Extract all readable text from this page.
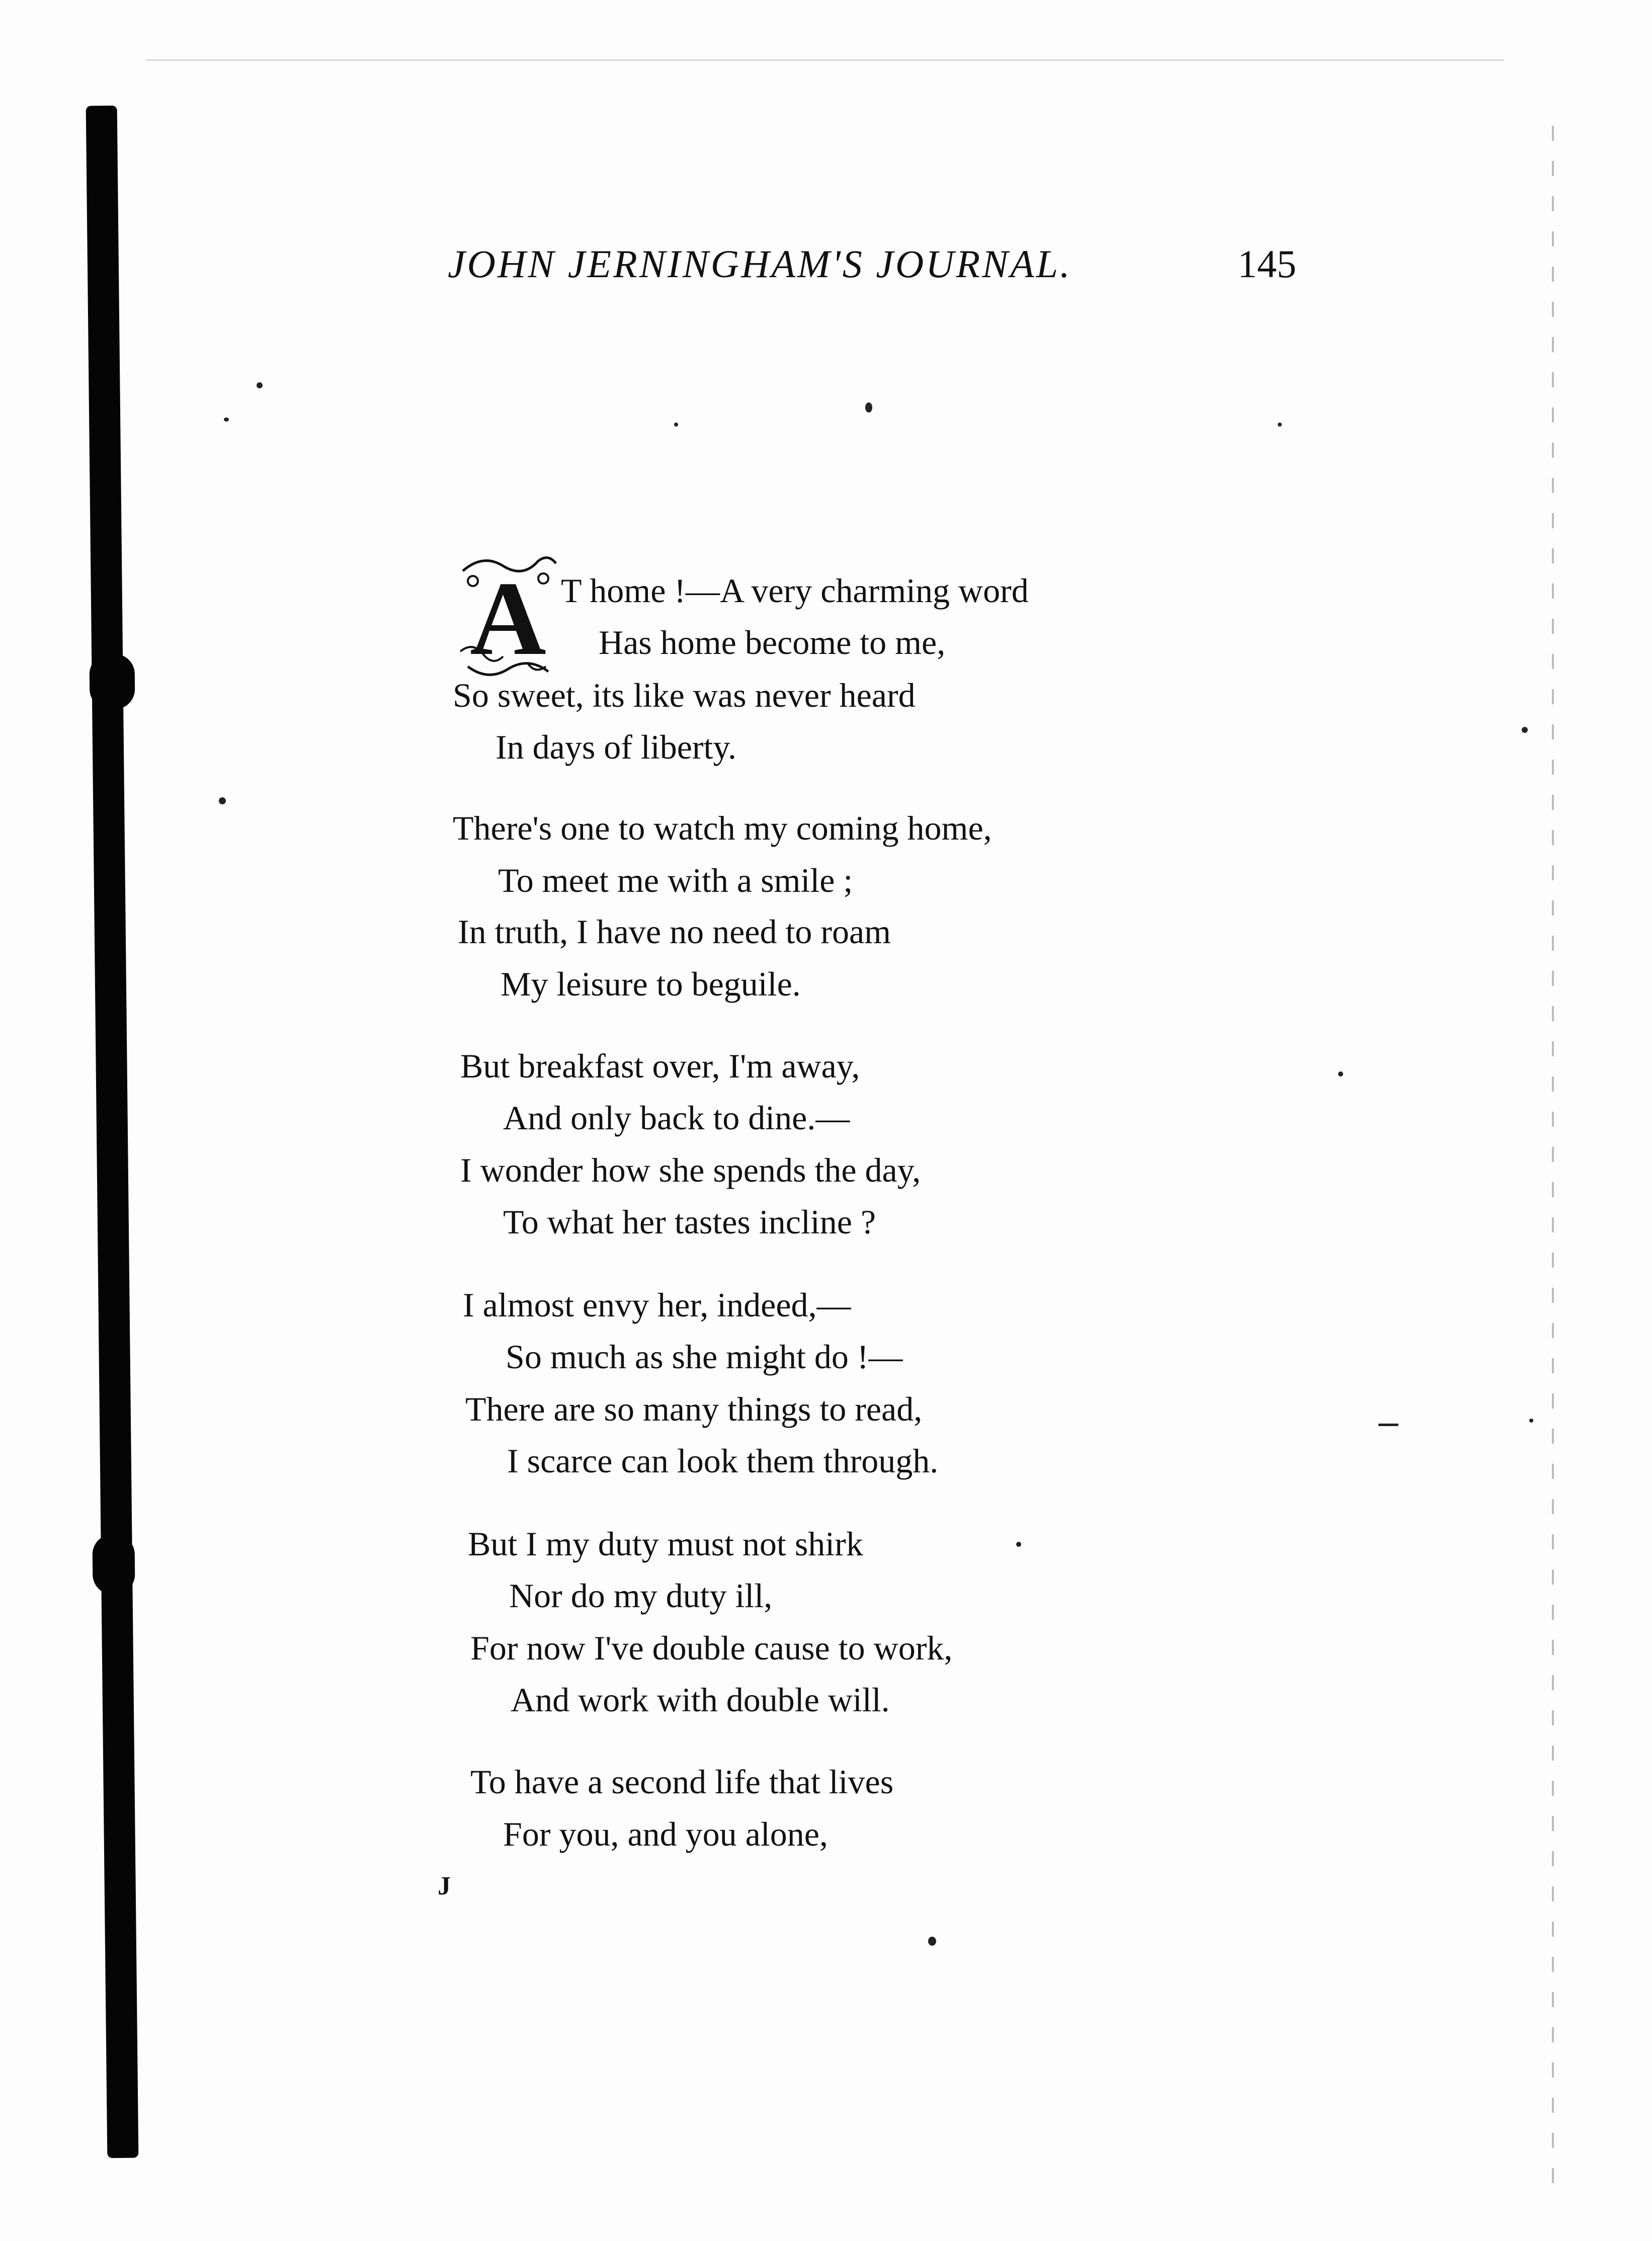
JOHN JERNINGHAM'S JOURNAL.	145
A T home !—A very charming word
Has home become to me,
So sweet, its like was never heard
In days of liberty.
There's one to watch my coming home,
To meet me with a smile ;
In truth, I have no need to roam
My leisure to beguile.
But breakfast over, I'm away,
And only back to dine.—
I wonder how she spends the day,
To what her tastes incline ?
I almost envy her, indeed,—
So much as she might do !—
There are so many things to read,
I scarce can look them through.
But I my duty must not shirk
Nor do my duty ill,
For now I've double cause to work,
And work with double will.
To have a second life that lives
For you, and you alone,
J
